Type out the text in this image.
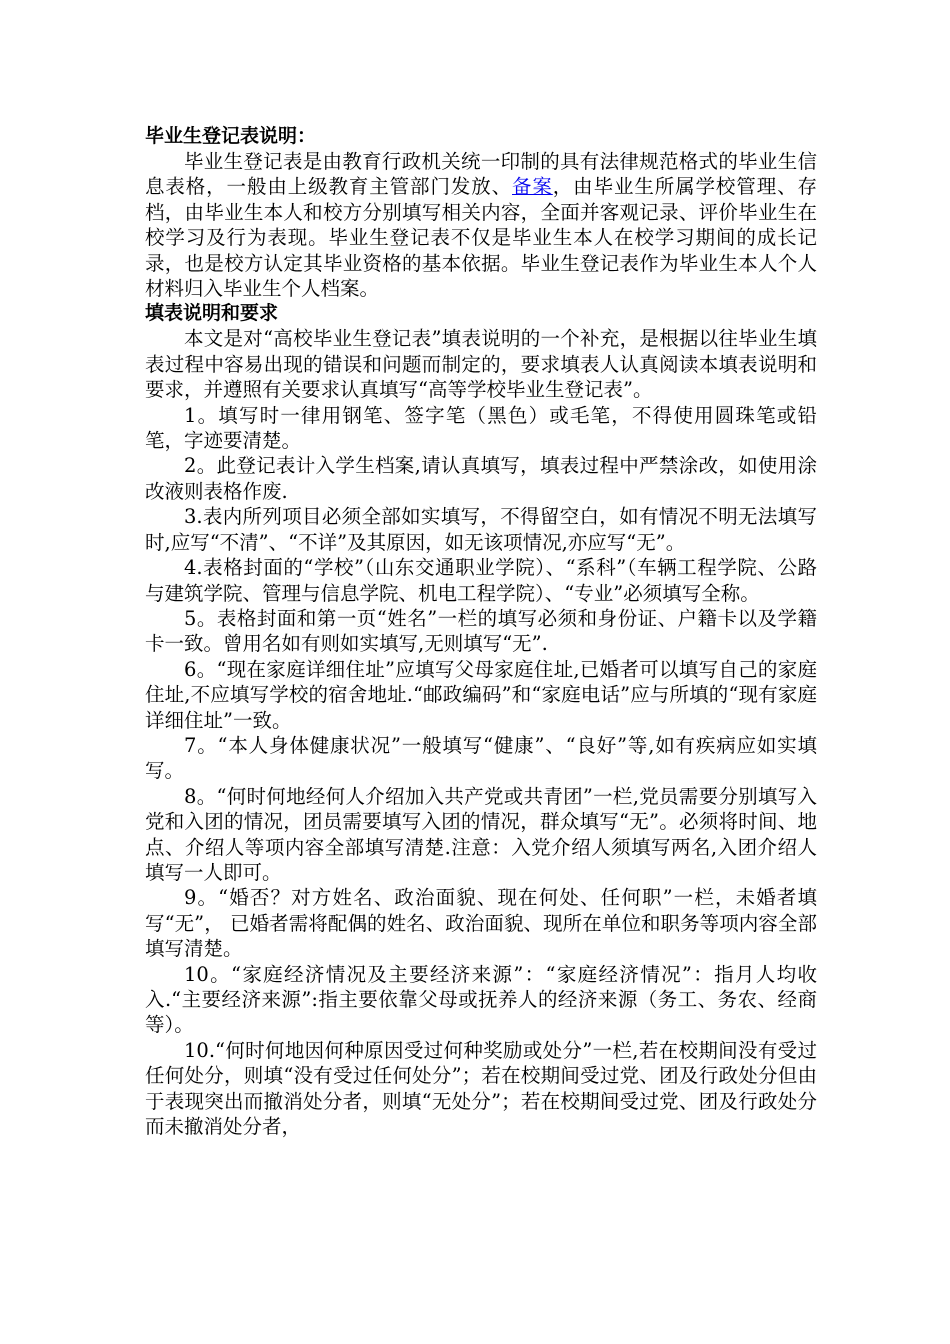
毕业生登记表说明：

毕业生登记表是由教育行政机关统一印制的具有法律规范格式的毕业生信息表格，一般由上级教育主管部门发放、备案，由毕业生所属学校管理、存档，由毕业生本人和校方分别填写相关内容，全面并客观记录、评价毕业生在校学习及行为表现。毕业生登记表不仅是毕业生本人在校学习期间的成长记录，也是校方认定其毕业资格的基本依据。毕业生登记表作为毕业生本人个人材料归入毕业生个人档案。

填表说明和要求

本文是对“高校毕业生登记表”填表说明的一个补充，是根据以往毕业生填表过程中容易出现的错误和问题而制定的，要求填表人认真阅读本填表说明和要求，并遵照有关要求认真填写“高等学校毕业生登记表”。

1。填写时一律用钢笔、签字笔（黑色）或毛笔，不得使用圆珠笔或铅笔，字迹要清楚。

2。此登记表计入学生档案,请认真填写，填表过程中严禁涂改，如使用涂改液则表格作废.

3.表内所列项目必须全部如实填写，不得留空白，如有情况不明无法填写时,应写“不清”、“不详”及其原因，如无该项情况,亦应写“无”。

4.表格封面的“学校”（山东交通职业学院）、“系科”（车辆工程学院、公路与建筑学院、管理与信息学院、机电工程学院）、“专业”必须填写全称。

5。表格封面和第一页“姓名”一栏的填写必须和身份证、户籍卡以及学籍卡一致。曾用名如有则如实填写,无则填写“无”.

6。“现在家庭详细住址”应填写父母家庭住址,已婚者可以填写自己的家庭住址,不应填写学校的宿舍地址.“邮政编码”和“家庭电话”应与所填的“现有家庭详细住址”一致。

7。“本人身体健康状况”一般填写“健康”、“良好”等,如有疾病应如实填写。

8。“何时何地经何人介绍加入共产党或共青团”一栏,党员需要分别填写入党和入团的情况，团员需要填写入团的情况，群众填写“无”。必须将时间、地点、介绍人等项内容全部填写清楚.注意：入党介绍人须填写两名,入团介绍人填写一人即可。

9。“婚否？对方姓名、政治面貌、现在何处、任何职”一栏，未婚者填写“无”， 已婚者需将配偶的姓名、政治面貌、现所在单位和职务等项内容全部填写清楚。

10。“家庭经济情况及主要经济来源”：“家庭经济情况”：指月人均收入.“主要经济来源”:指主要依靠父母或抚养人的经济来源（务工、务农、经商等）。

10.“何时何地因何种原因受过何种奖励或处分”一栏,若在校期间没有受过任何处分，则填“没有受过任何处分”；若在校期间受过党、团及行政处分但由于表现突出而撤消处分者，则填“无处分”；若在校期间受过党、团及行政处分而未撤消处分者，
